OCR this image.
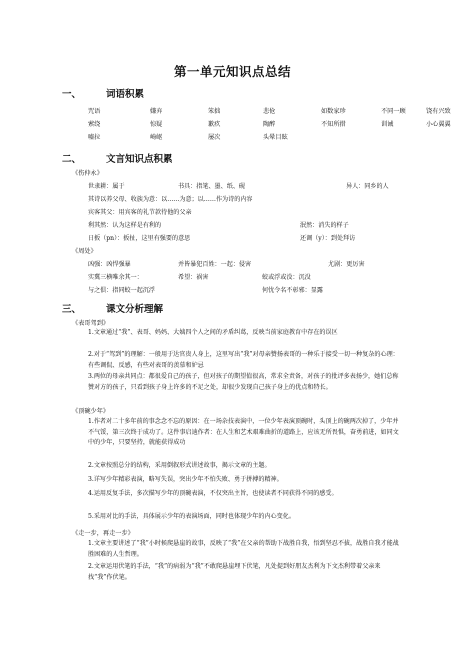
第一单元知识点总结
一、	词语积累
咒语	嫌弃	笨拙	悲伧	如数家珍	不同一顾	饶有兴致
萦绕	惊疑	歉疚	陶醉	不知所措	训诫	小心翼翼
嘘拉	崎岖	屡次	头晕目眩
二、	文言知识点积累
《伤仲永》
世隶耕：属于	书具：指笔、墨、纸、砚	异人：同乡的人
其诗以养父母、收族为意：以……为意；以……作为诗的内容
宾客其父：用宾客的礼节款待他的父亲
利其然：认为这样是有利的	泯然：消失的样子
日扳（pn）：扳扯，这里有强要的意思	还调（y）：到处拜访
《周处》
凶强：凶悍强暴	并皆暴犯百姓：一起：侵害	尤剧：更厉害
实冀三横唯余其一：	希望：祸害	蛟或浮或没：沉没
与之俱：指同蛟一起沉浮	何忧令名不彰邪：显露
三、	课文分析理解
《表哥驾到》
1.文章通过“我”、表哥、妈妈、大姨四个人之间的矛盾纠葛，反映当前家庭教育中存在的误区
2.对于“驾到”的理解：一般用于达官贵人身上，这里写出“我”对母亲赞扬表哥的一种乐于接受一切一种复杂的心理：有些调侃、反感，有些对表哥的羡慕和妒忌
3.两位的母亲共同点：都很爱自己的孩子，但对孩子的期望值很高，常求全责备，对孩子的批评多表扬少，她们总称赞对方的孩子，只看到孩子身上许多的不足之处，却很少发现自己孩子身上的优点和特长。
《顶碗少年》
1.作者对二十多年前的事念念不忘的原因：在一场杂技表演中，一位少年表演顶碗时，头顶上的碗两次掉了，少年并不气馁，第三次终于成功了。这件事启迪作者：在人生和艺术艰难曲折的道路上，应该无所畏惧，奋勇前进，如同文中的少年，只要坚持，就能获得成功
2.文章按照总分的结构，采用倒叙形式讲述故事，揭示文章的主题。
3.详写少年精彩表演，略写失误，突出少年不怕失败、勇于拼搏的精神。
4.运用反复手法，多次描写少年的顶碗表演，不仅突出主旨，也使读者不同获得不同的感受。
5.采用对比的手法，具体展示少年的表演场面，同时也体现少年的内心变化。
《走一步，再走一步》
1.文章主要讲述了“我”小时候爬悬崖的故事，反映了“我”在父亲的帮助下战胜自我，悟到坚忍不拔，战胜自我才能战胜困难的人生哲理。
2.文章运用伏笔的手法，“我”的病弱为“我”不敢爬悬崖埋下伏笔，凡处提到好朋友杰利为下文杰利带着父亲来找“我”作伏笔。
